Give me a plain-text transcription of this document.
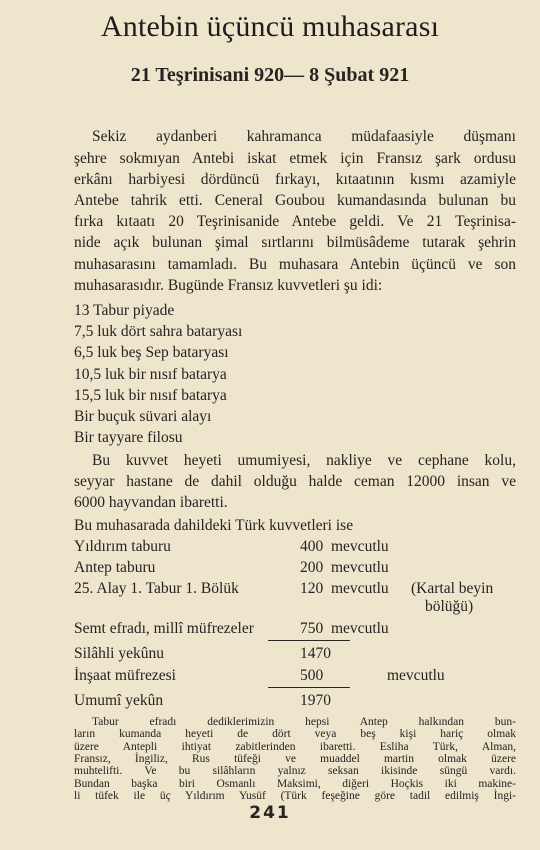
Antebin üçüncü muhasarası
21 Teşrinisani 920— 8 Şubat 921
Sekiz aydanberi kahramanca müdafaasiyle düşmanı
şehre sokmıyan Antebi iskat etmek için Fransız şark ordusu
erkânı harbiyesi dördüncü fırkayı, kıtaatının kısmı azamiyle
Antebe tahrik etti. Ceneral Goubou kumandasında bulunan bu
fırka kıtaatı 20 Teşrinisanide Antebe geldi. Ve 21 Teşrinisa-
nide açık bulunan şimal sırtlarını bilmüsâdeme tutarak şehrin
muhasarasını tamamladı. Bu muhasara Antebin üçüncü ve son
muhasarasıdır. Bugünde Fransız kuvvetleri şu idi:
13 Tabur piyade
7,5 luk dört sahra bataryası
6,5 luk beş Sep bataryası
10,5 luk bir nısıf batarya
15,5 luk bir nısıf batarya
Bir buçuk süvari alayı
Bir tayyare filosu
Bu kuvvet heyeti umumiyesi, nakliye ve cephane kolu,
seyyar hastane de dahil olduğu halde ceman 12000 insan ve
6000 hayvandan ibaretti.
Bu muhasarada dahildeki Türk kuvvetleri ise
Yıldırım taburu	400 mevcutlu
Antep taburu	200 mevcutlu
25. Alay 1. Tabur 1. Bölük	120 mevcutlu (Kartal beyin
bölüğü)
Semt efradı, millî müfrezeler	750 mevcutlu
Silâhli yekûnu	1470
İnşaat müfrezesi	500	mevcutlu
Umumî yekûn	1970
Tabur efradı dediklerimizin hepsi Antep halkından bun-
ların kumanda heyeti de dört veya beş kişi hariç olmak
üzere Antepli ihtiyat zabitlerinden ibaretti. Esliha Türk, Alman,
Fransız, İngiliz, Rus tüfeği ve muaddel martin olmak üzere
241
muhtelifti. Ve bu silâhların yalnız seksan ikisinde süngü vardı.
Bundan başka biri Osmanlı Maksimi, diğeri Hoçkis iki makine-
li tüfek ile üç Yıldırım Yusüf (Türk feşeğine göre tadil edilmiş İngi-
